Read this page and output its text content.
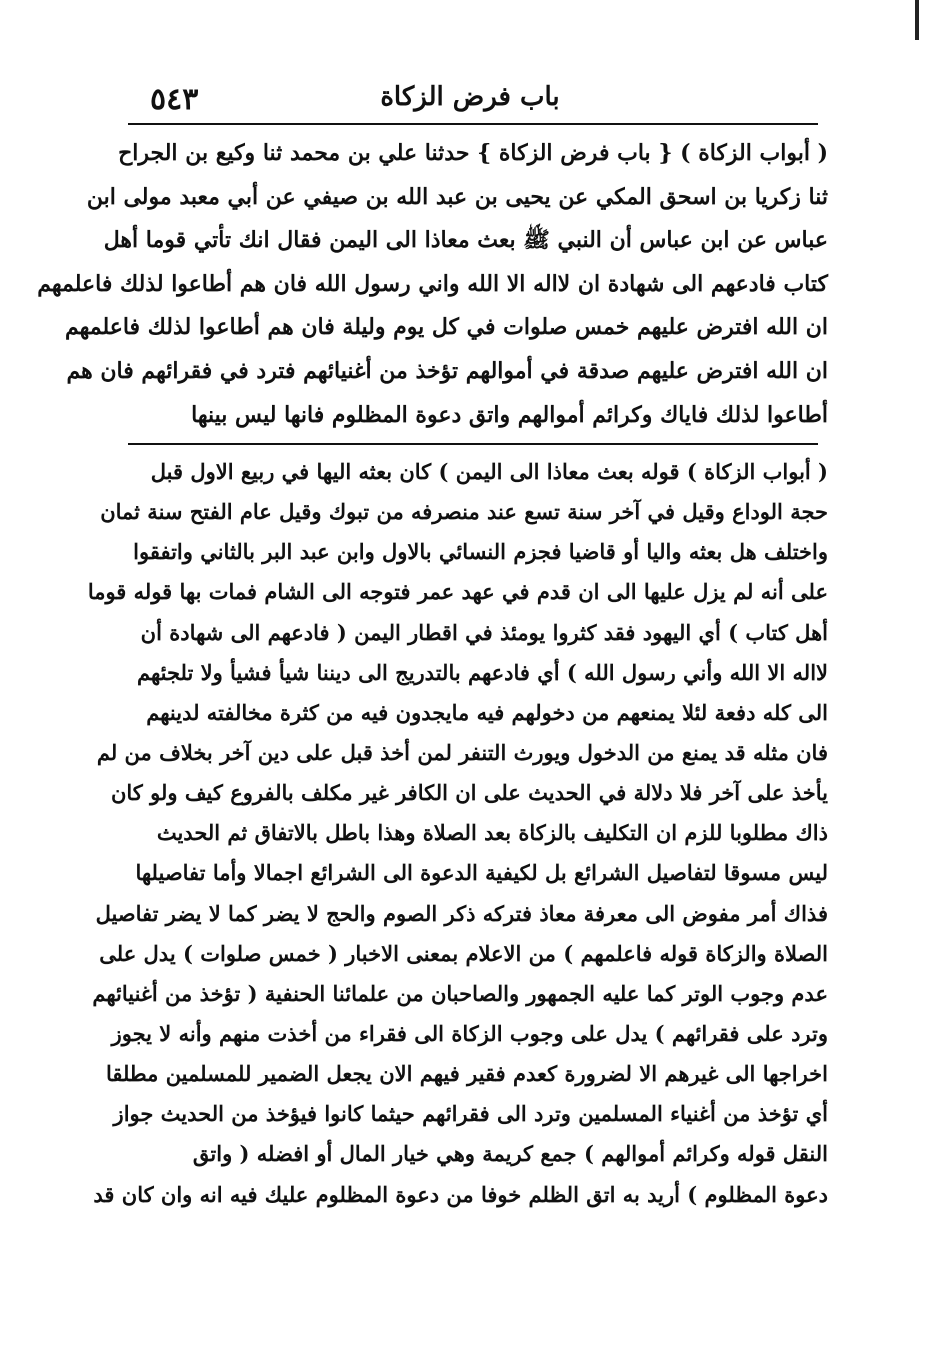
٥٤٣	باب فرض الزكاة
( أبواب الزكاة ) { باب فرض الزكاة } حدثنا علي بن محمد ثنا وكيع بن الجراح
ثنا زكريا بن اسحق المكي عن يحيى بن عبد الله بن صيفي عن أبي معبد مولى ابن
عباس عن ابن عباس أن النبي ﷺ بعث معاذا الى اليمن فقال انك تأتي قوما أهل
كتاب فادعهم الى شهادة ان لااله الا الله واني رسول الله فان هم أطاعوا لذلك فاعلمهم
ان الله افترض عليهم خمس صلوات في كل يوم وليلة فان هم أطاعوا لذلك فاعلمهم
ان الله افترض عليهم صدقة في أموالهم تؤخذ من أغنيائهم فترد في فقرائهم فان هم
أطاعوا لذلك فاياك وكرائم أموالهم واتق دعوة المظلوم فانها ليس بينها
( أبواب الزكاة ) قوله بعث معاذا الى اليمن ) كان بعثه اليها في ربيع الاول قبل
حجة الوداع وقيل في آخر سنة تسع عند منصرفه من تبوك وقيل عام الفتح سنة ثمان
واختلف هل بعثه واليا أو قاضيا فجزم النسائي بالاول وابن عبد البر بالثاني واتفقوا
على أنه لم يزل عليها الى ان قدم في عهد عمر فتوجه الى الشام فمات بها قوله قوما
أهل كتاب ) أي اليهود فقد كثروا يومئذ في اقطار اليمن ( فادعهم الى شهادة أن
لااله الا الله وأني رسول الله ) أي فادعهم بالتدريج الى ديننا شيأ فشيأ ولا تلجئهم
الى كله دفعة لئلا يمنعهم من دخولهم فيه مايجدون فيه من كثرة مخالفته لدينهم
فان مثله قد يمنع من الدخول ويورث التنفر لمن أخذ قبل على دين آخر بخلاف من لم
يأخذ على آخر فلا دلالة في الحديث على ان الكافر غير مكلف بالفروع كيف ولو كان
ذاك مطلوبا للزم ان التكليف بالزكاة بعد الصلاة وهذا باطل بالاتفاق ثم الحديث
ليس مسوقا لتفاصيل الشرائع بل لكيفية الدعوة الى الشرائع اجمالا وأما تفاصيلها
فذاك أمر مفوض الى معرفة معاذ فتركه ذكر الصوم والحج لا يضر كما لا يضر تفاصيل
الصلاة والزكاة قوله فاعلمهم ) من الاعلام بمعنى الاخبار ( خمس صلوات ) يدل على
عدم وجوب الوتر كما عليه الجمهور والصاحبان من علمائنا الحنفية ( تؤخذ من أغنيائهم
وترد على فقرائهم ) يدل على وجوب الزكاة الى فقراء من أخذت منهم وأنه لا يجوز
اخراجها الى غيرهم الا لضرورة كعدم فقير فيهم الان يجعل الضمير للمسلمين مطلقا
أي تؤخذ من أغنياء المسلمين وترد الى فقرائهم حيثما كانوا فيؤخذ من الحديث جواز
النقل قوله وكرائم أموالهم ) جمع كريمة وهي خيار المال أو افضله ( واتق
دعوة المظلوم ) أريد به اتق الظلم خوفا من دعوة المظلوم عليك فيه انه وان كان قد
